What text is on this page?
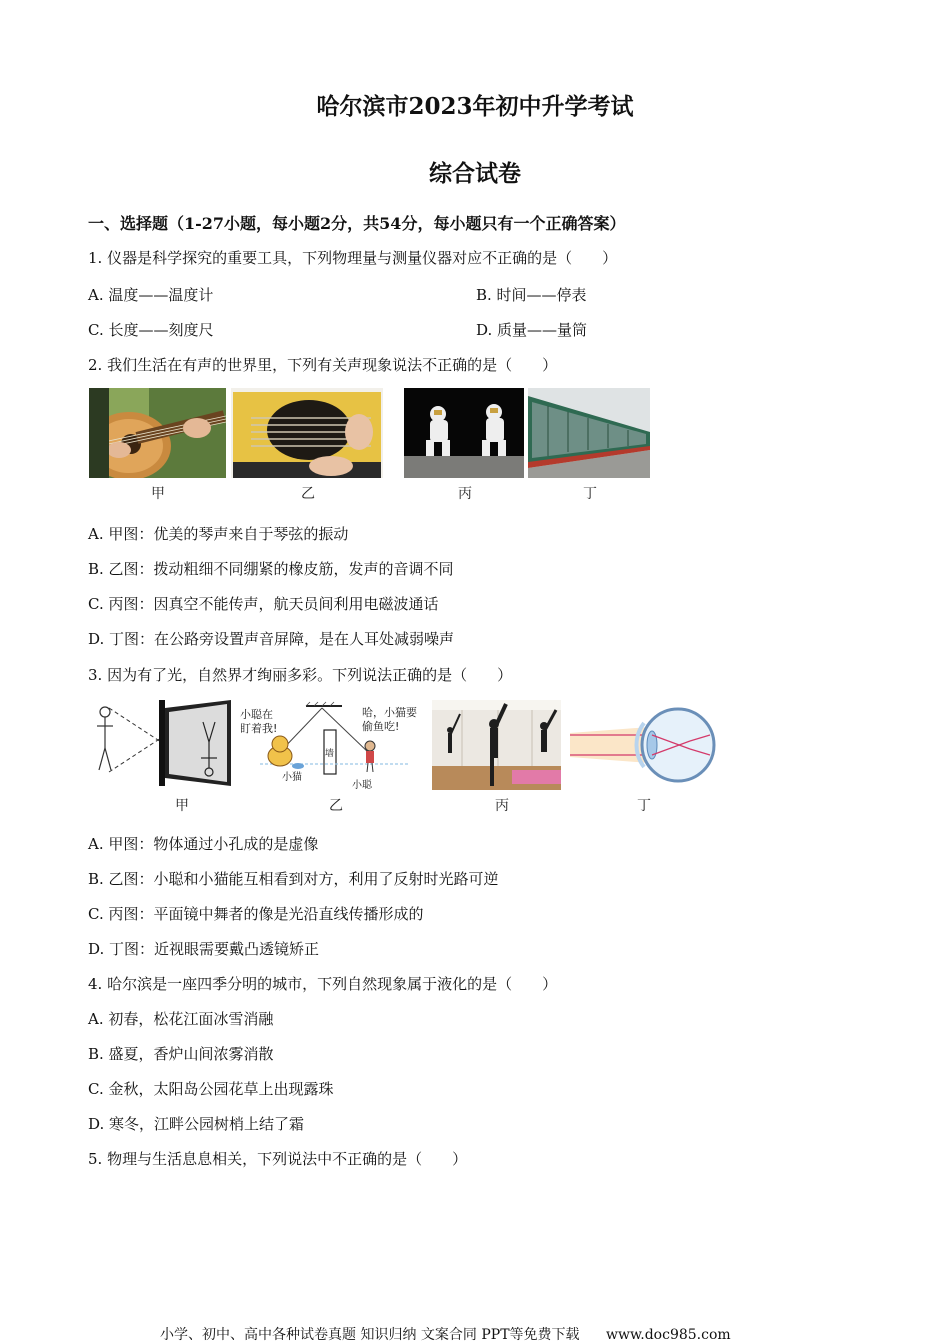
哈尔滨市2023年初中升学考试
综合试卷
一、选择题（1-27小题，每小题2分，共54分，每小题只有一个正确答案）
1. 仪器是科学探究的重要工具，下列物理量与测量仪器对应不正确的是（　　）
A. 温度——温度计	B. 时间——停表
C. 长度——刻度尺	D. 质量——量筒
2. 我们生活在有声的世界里，下列有关声现象说法不正确的是（　　）
甲	乙	丙	丁
A. 甲图：优美的琴声来自于琴弦的振动
B. 乙图：拨动粗细不同绷紧的橡皮筋，发声的音调不同
C. 丙图：因真空不能传声，航天员间利用电磁波通话
D. 丁图：在公路旁设置声音屏障，是在人耳处减弱噪声
3. 因为有了光，自然界才绚丽多彩。下列说法正确的是（　　）
甲
小聪在
盯着我!
哈，小猫要
偷鱼吃!
墙
小猫
小聪
乙	丙	丁
A. 甲图：物体通过小孔成的是虚像
B. 乙图：小聪和小猫能互相看到对方，利用了反射时光路可逆
C. 丙图：平面镜中舞者的像是光沿直线传播形成的
D. 丁图：近视眼需要戴凸透镜矫正
4. 哈尔滨是一座四季分明的城市，下列自然现象属于液化的是（　　）
A. 初春，松花江面冰雪消融
B. 盛夏，香炉山间浓雾消散
C. 金秋，太阳岛公园花草上出现露珠
D. 寒冬，江畔公园树梢上结了霜
5. 物理与生活息息相关，下列说法中不正确的是（　　）
小学、初中、高中各种试卷真题 知识归纳 文案合同 PPT等免费下载 www.doc985.com
